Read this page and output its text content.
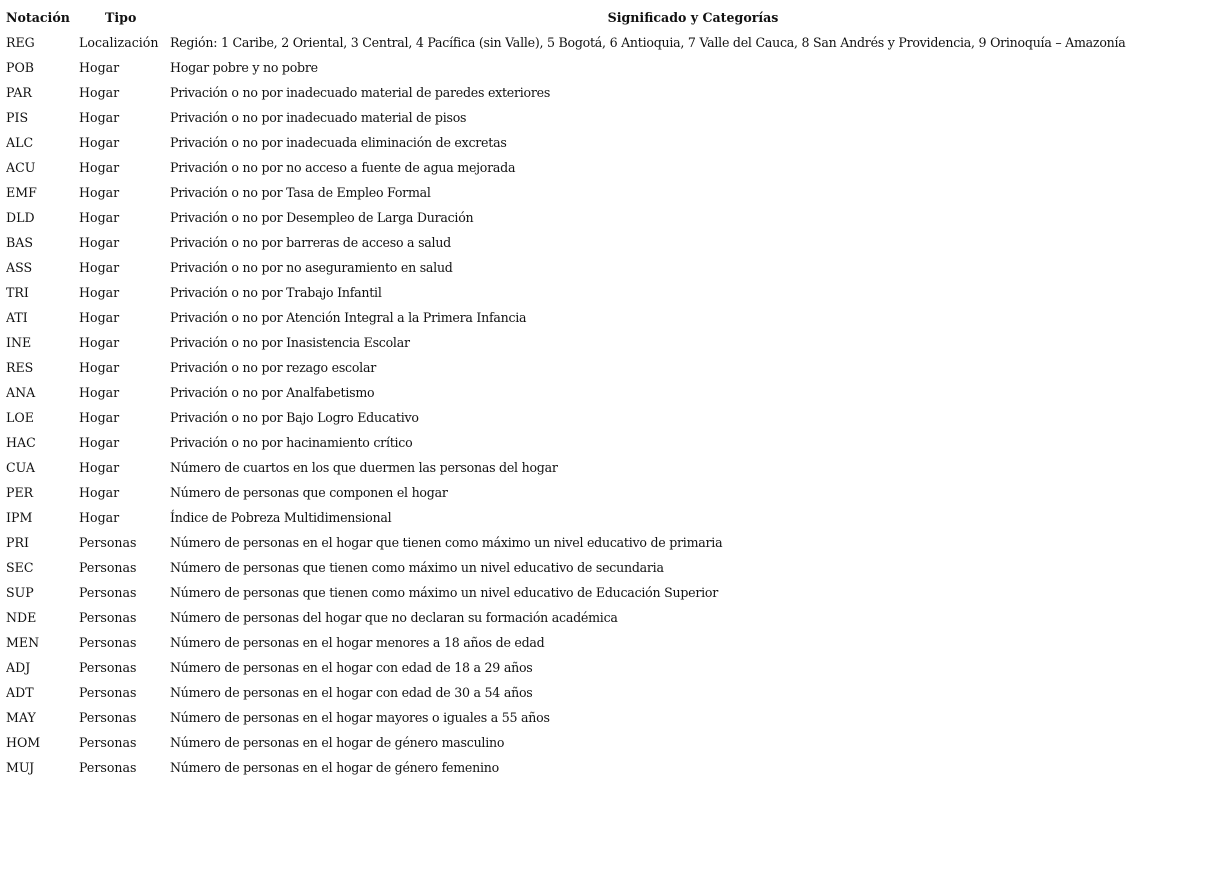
Notación	Tipo	Significado y Categorías
REG	Localización	Región: 1 Caribe, 2 Oriental, 3 Central, 4 Pacífica (sin Valle), 5 Bogotá, 6 Antioquia, 7 Valle del Cauca, 8 San Andrés y Providencia, 9 Orinoquía – Amazonía
POB	Hogar	Hogar pobre y no pobre
PAR	Hogar	Privación o no por inadecuado material de paredes exteriores
PIS	Hogar	Privación o no por inadecuado material de pisos
ALC	Hogar	Privación o no por inadecuada eliminación de excretas
ACU	Hogar	Privación o no por no acceso a fuente de agua mejorada
EMF	Hogar	Privación o no por Tasa de Empleo Formal
DLD	Hogar	Privación o no por Desempleo de Larga Duración
BAS	Hogar	Privación o no por barreras de acceso a salud
ASS	Hogar	Privación o no por no aseguramiento en salud
TRI	Hogar	Privación o no por Trabajo Infantil
ATI	Hogar	Privación o no por Atención Integral a la Primera Infancia
INE	Hogar	Privación o no por Inasistencia Escolar
RES	Hogar	Privación o no por rezago escolar
ANA	Hogar	Privación o no por Analfabetismo
LOE	Hogar	Privación o no por Bajo Logro Educativo
HAC	Hogar	Privación o no por hacinamiento crítico
CUA	Hogar	Número de cuartos en los que duermen las personas del hogar
PER	Hogar	Número de personas que componen el hogar
IPM	Hogar	Índice de Pobreza Multidimensional
PRI	Personas	Número de personas en el hogar que tienen como máximo un nivel educativo de primaria
SEC	Personas	Número de personas que tienen como máximo un nivel educativo de secundaria
SUP	Personas	Número de personas que tienen como máximo un nivel educativo de Educación Superior
NDE	Personas	Número de personas del hogar que no declaran su formación académica
MEN	Personas	Número de personas en el hogar menores a 18 años de edad
ADJ	Personas	Número de personas en el hogar con edad de 18 a 29 años
ADT	Personas	Número de personas en el hogar con edad de 30 a 54 años
MAY	Personas	Número de personas en el hogar mayores o iguales a 55 años
HOM	Personas	Número de personas en el hogar de género masculino
MUJ	Personas	Número de personas en el hogar de género femenino
